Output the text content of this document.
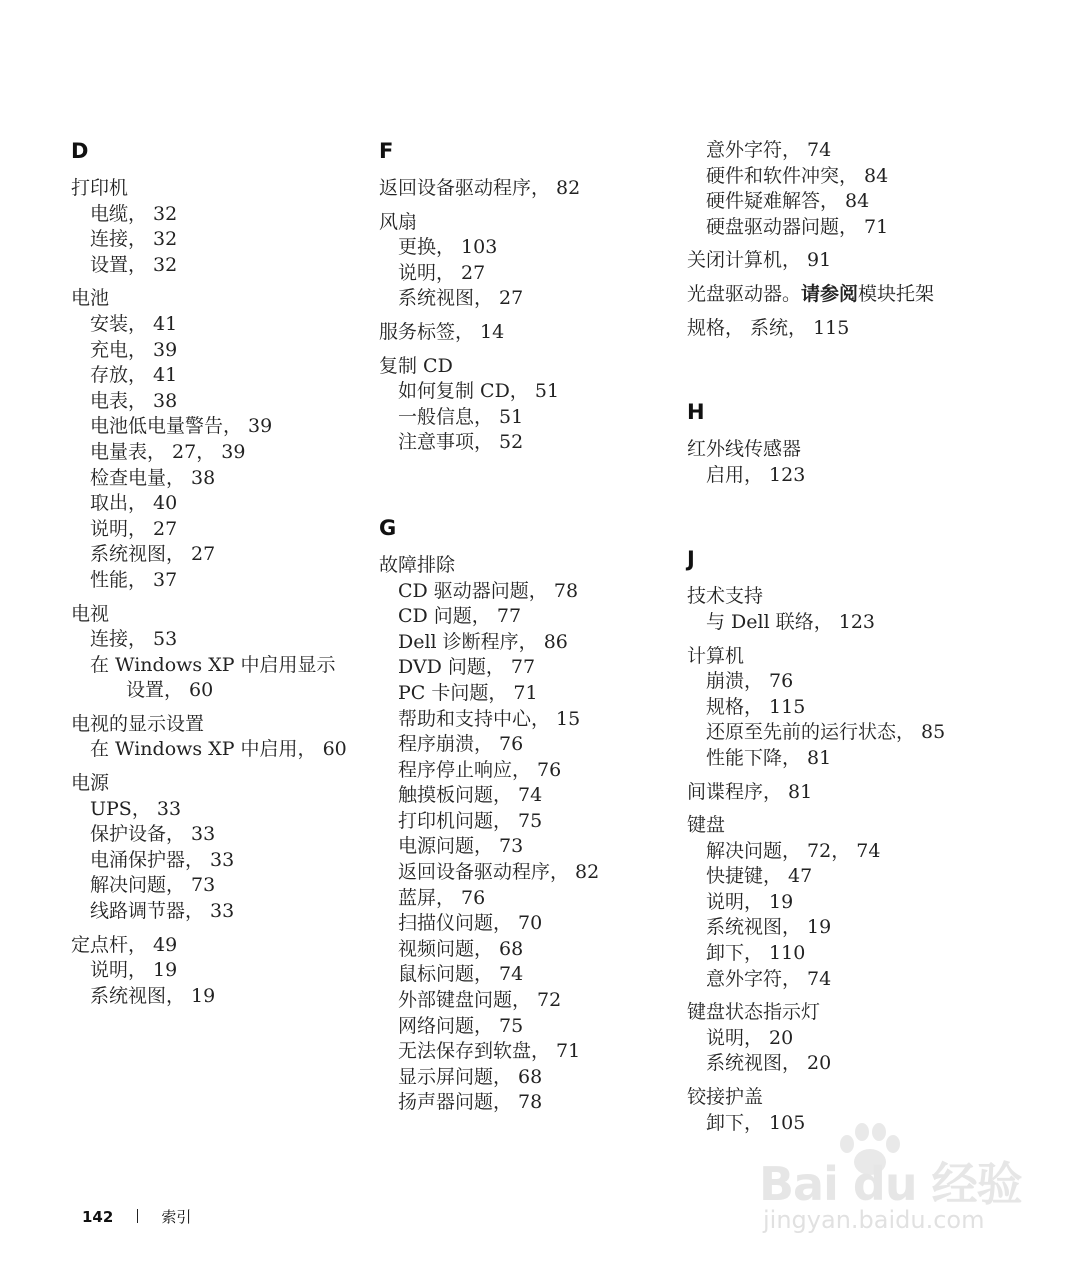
D
打印机
电缆， 32
连接， 32
设置， 32
电池
安装， 41
充电， 39
存放， 41
电表， 38
电池低电量警告， 39
电量表， 27， 39
检查电量， 38
取出， 40
说明， 27
系统视图， 27
性能， 37
电视
连接， 53
在 Windows XP 中启用显示
设置， 60
电视的显示设置
在 Windows XP 中启用， 60
电源
UPS， 33
保护设备， 33
电涌保护器， 33
解决问题， 73
线路调节器， 33
定点杆， 49
说明， 19
系统视图， 19
F
返回设备驱动程序， 82
风扇
更换， 103
说明， 27
系统视图， 27
服务标签， 14
复制 CD
如何复制 CD， 51
一般信息， 51
注意事项， 52
G
故障排除
CD 驱动器问题， 78
CD 问题， 77
Dell 诊断程序， 86
DVD 问题， 77
PC 卡问题， 71
帮助和支持中心， 15
程序崩溃， 76
程序停止响应， 76
触摸板问题， 74
打印机问题， 75
电源问题， 73
返回设备驱动程序， 82
蓝屏， 76
扫描仪问题， 70
视频问题， 68
鼠标问题， 74
外部键盘问题， 72
网络问题， 75
无法保存到软盘， 71
显示屏问题， 68
扬声器问题， 78
意外字符， 74
硬件和软件冲突， 84
硬件疑难解答， 84
硬盘驱动器问题， 71
关闭计算机， 91
光盘驱动器。请参阅模块托架
规格， 系统， 115
H
红外线传感器
启用， 123
J
技术支持
与 Dell 联络， 123
计算机
崩溃， 76
规格， 115
还原至先前的运行状态， 85
性能下降， 81
间谍程序， 81
键盘
解决问题， 72， 74
快捷键， 47
说明， 19
系统视图， 19
卸下， 110
意外字符， 74
键盘状态指示灯
说明， 20
系统视图， 20
铰接护盖
卸下， 105
142	索引
Bai du 经验
jingyan.baidu.com
